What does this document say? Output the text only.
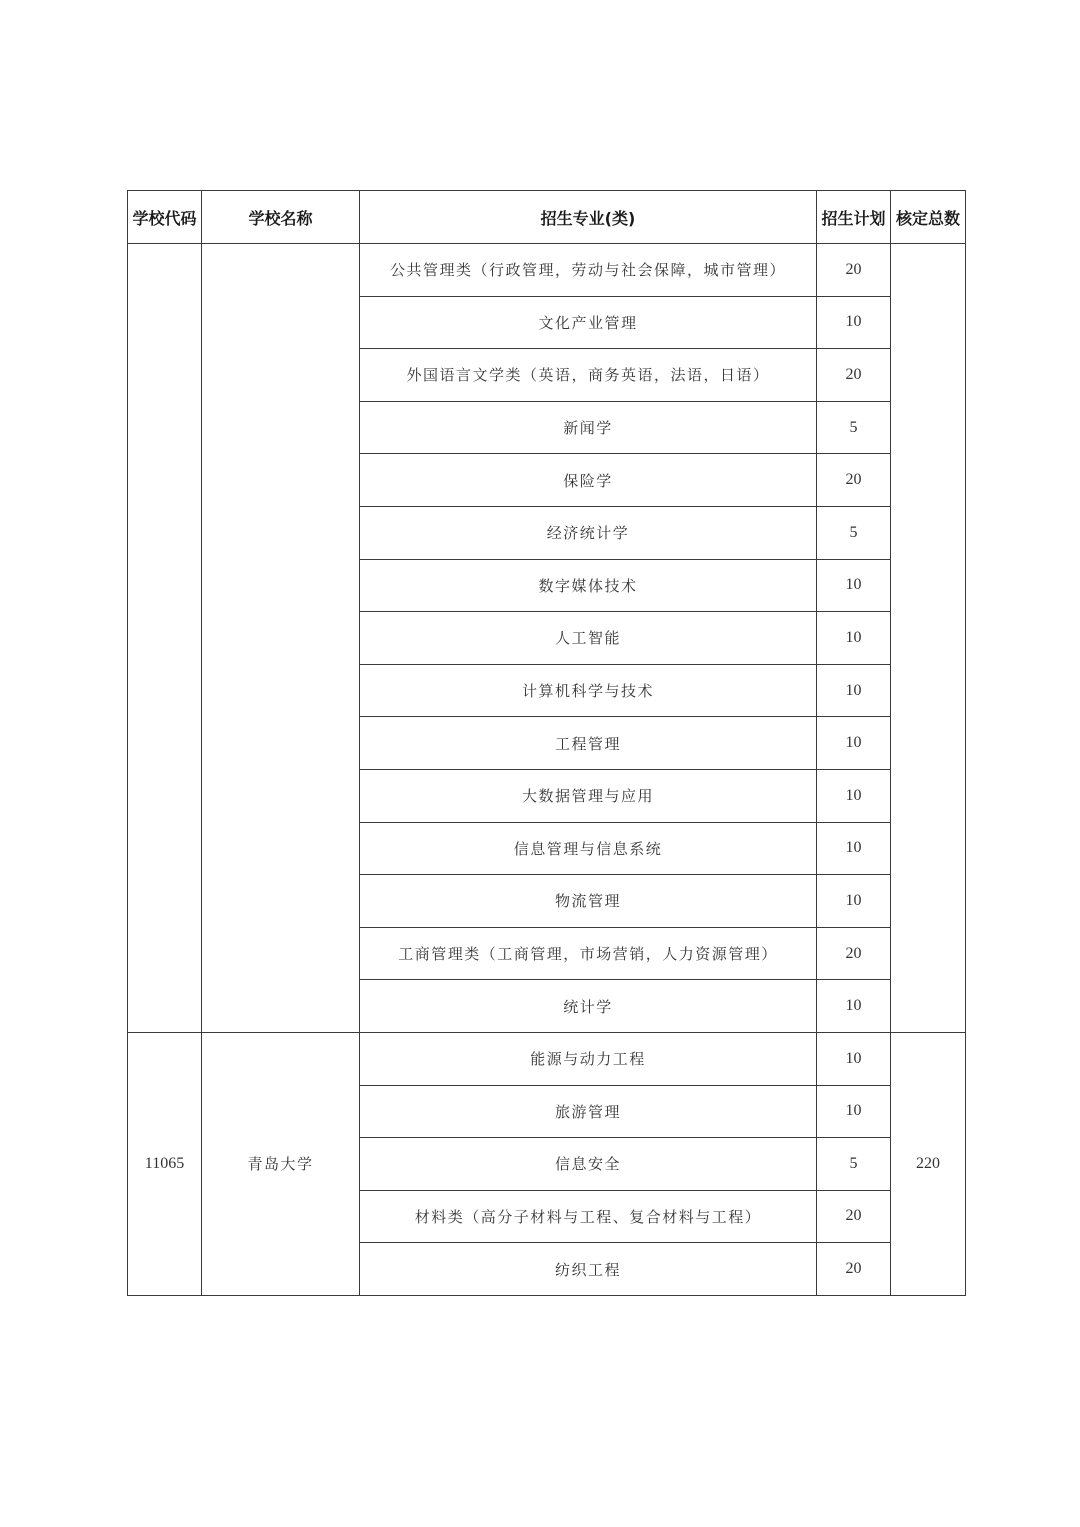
学校代码	学校名称	招生专业(类)	招生计划	核定总数
		公共管理类（行政管理，劳动与社会保障，城市管理）	20	
		文化产业管理	10	
		外国语言文学类（英语，商务英语，法语，日语）	20	
		新闻学	5	
		保险学	20	
		经济统计学	5	
		数字媒体技术	10	
		人工智能	10	
		计算机科学与技术	10	
		工程管理	10	
		大数据管理与应用	10	
		信息管理与信息系统	10	
		物流管理	10	
		工商管理类（工商管理，市场营销，人力资源管理）	20	
		统计学	10	
11065	青岛大学	能源与动力工程	10	220
		旅游管理	10	
		信息安全	5	
		材料类（高分子材料与工程、复合材料与工程）	20	
		纺织工程	20	
